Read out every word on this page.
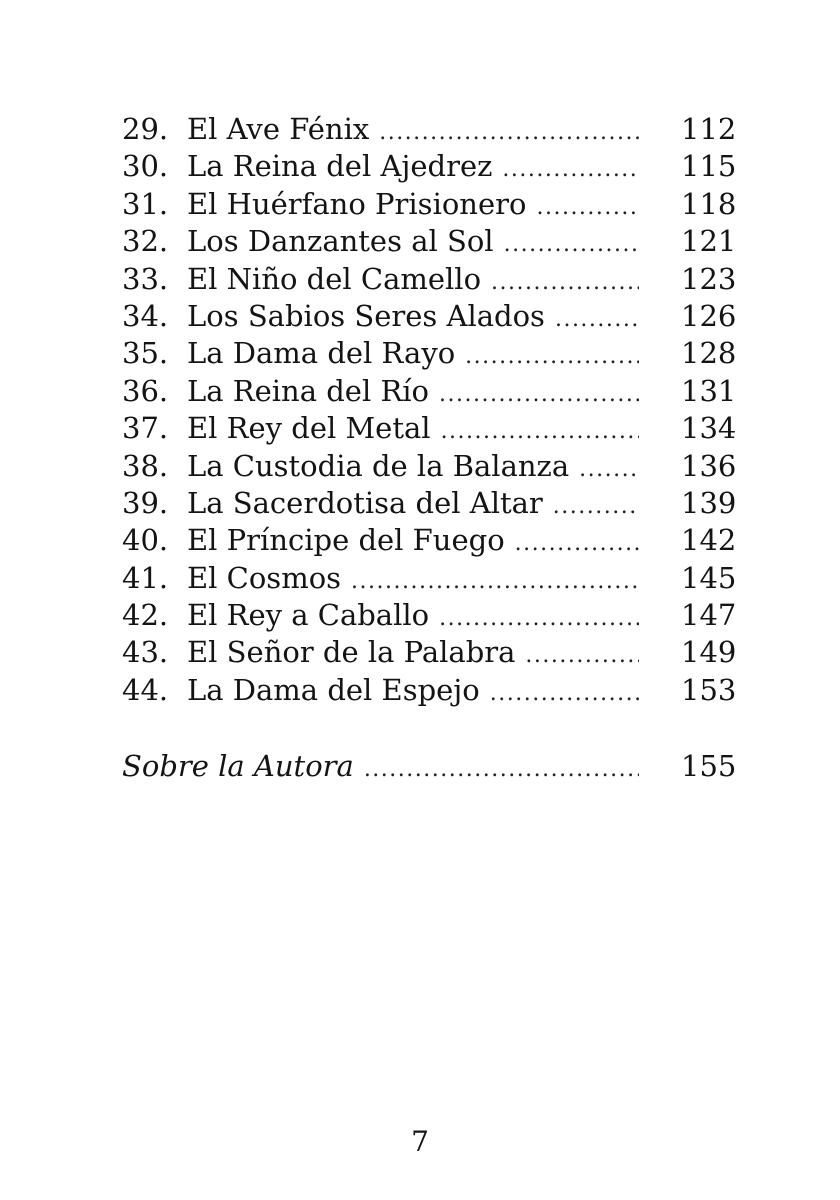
29. El Ave Fénix .....	112
30. La Reina del Ajedrez .....	115
31. El Huérfano Prisionero .....	118
32. Los Danzantes al Sol .....	121
33. El Niño del Camello .....	123
34. Los Sabios Seres Alados .....	126
35. La Dama del Rayo .....	128
36. La Reina del Río .....	131
37. El Rey del Metal .....	134
38. La Custodia de la Balanza .....	136
39. La Sacerdotisa del Altar .....	139
40. El Príncipe del Fuego .....	142
41. El Cosmos .....	145
42. El Rey a Caballo .....	147
43. El Señor de la Palabra .....	149
44. La Dama del Espejo .....	153
Sobre la Autora .....	155
7
